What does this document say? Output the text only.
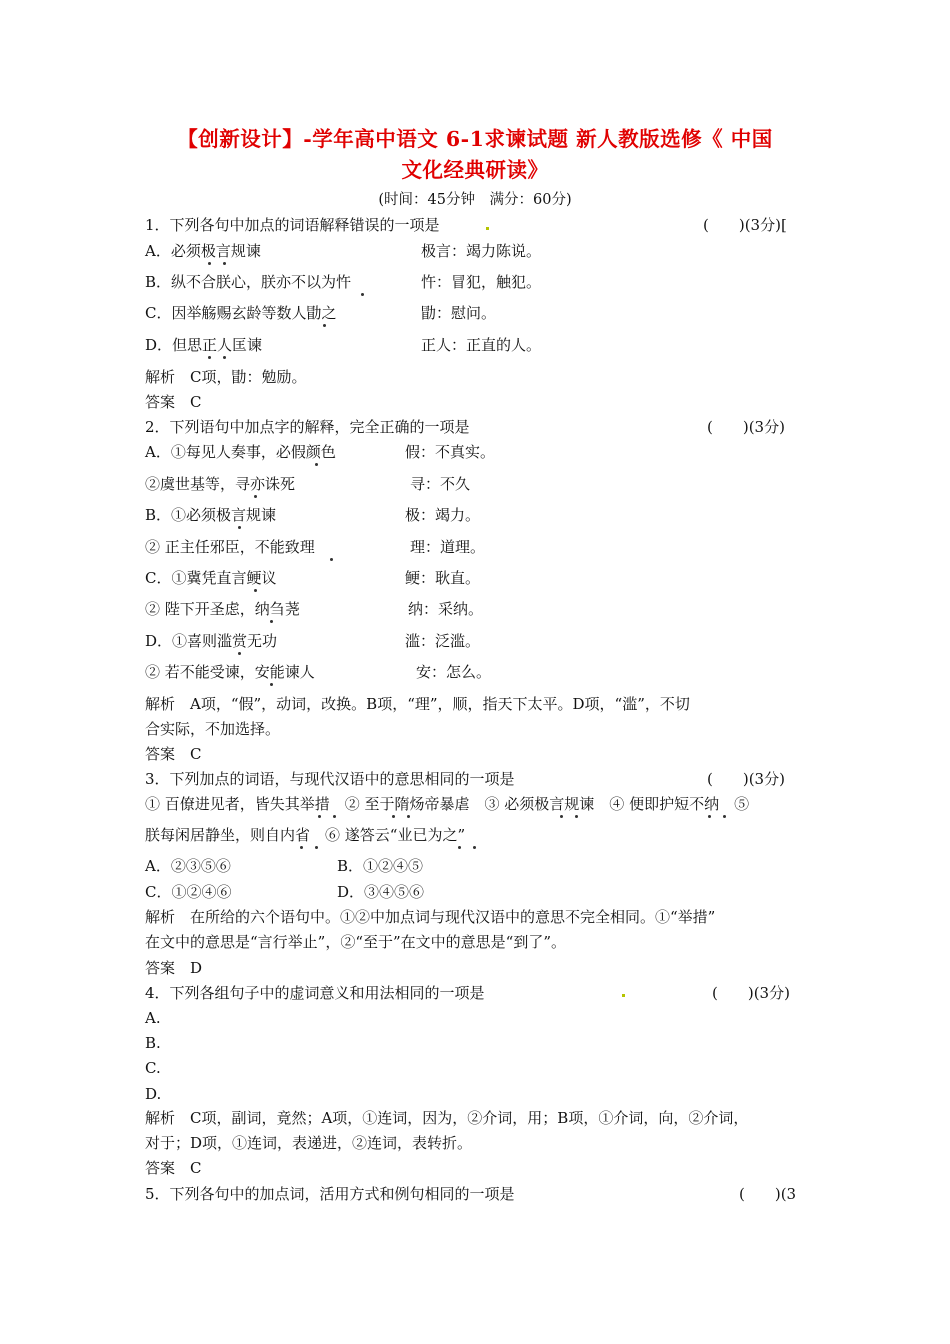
【创新设计】-学年高中语文 6-1求谏试题 新人教版选修《 中国
文化经典研读》
(时间：45分钟　满分：60分)
1．下列各句中加点的词语解释错误的一项是	(　　)(3分)[
A．必须极言规谏	极言：竭力陈说。
B．纵不合朕心，朕亦不以为忤	忤：冒犯，触犯。
C．因举觞赐玄龄等数人勖之	勖：慰问。
D．但思正人匡谏	正人：正直的人。
解析　C项，勖：勉励。
答案　C
2．下列语句中加点字的解释，完全正确的一项是	(　　)(3分)
A．①每见人奏事，必假颜色	假：不真实。
②虞世基等，寻亦诛死	寻：不久
B．①必须极言规谏	极：竭力。
② 正主任邪臣，不能致理	理：道理。
C．①冀凭直言鲠议	鲠：耿直。
② 陛下开圣虑，纳刍荛	纳：采纳。
D．①喜则滥赏无功	滥：泛滥。
② 若不能受谏，安能谏人	安：怎么。
解析　A项，“假”，动词，改换。B项，“理”，顺，指天下太平。D项，“滥”，不切
合实际，不加选择。
答案　C
3．下列加点的词语，与现代汉语中的意思相同的一项是	(　　)(3分)
① 百僚进见者，皆失其举措　② 至于隋炀帝暴虐　③ 必须极言规谏　④ 便即护短不纳　⑤
朕每闲居静坐，则自内省　⑥ 遂答云“业已为之”
A．②③⑤⑥	B．①②④⑤
C．①②④⑥	D．③④⑤⑥
解析　在所给的六个语句中。①②中加点词与现代汉语中的意思不完全相同。①“举措”
在文中的意思是“言行举止”，②“至于”在文中的意思是“到了”。
答案　D
4．下列各组句子中的虚词意义和用法相同的一项是	(　　)(3分)
A.
B.
C.
D.
解析　C项，副词，竟然；A项，①连词，因为，②介词，用；B项，①介词，向，②介词，
对于；D项，①连词，表递进，②连词，表转折。
答案　C
5．下列各句中的加点词，活用方式和例句相同的一项是	(　　)(3
